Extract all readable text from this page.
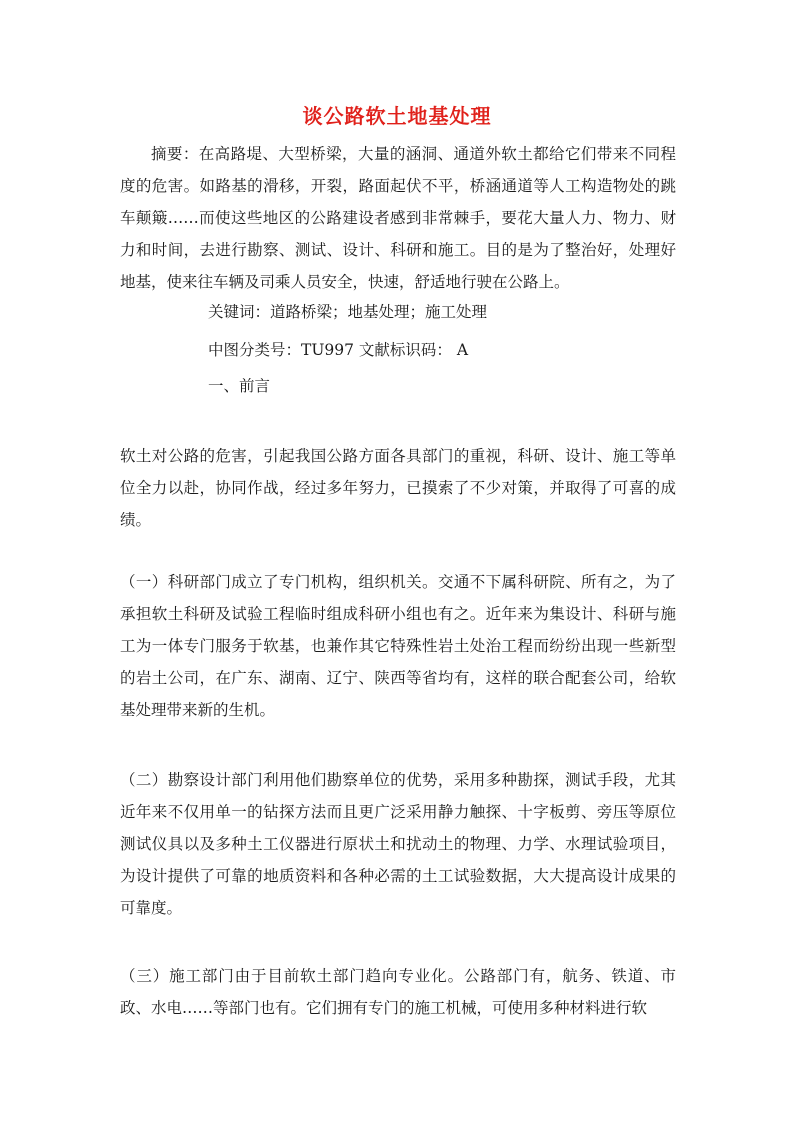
谈公路软土地基处理

摘要：在高路堤、大型桥梁，大量的涵洞、通道外软土都给它们带来不同程度的危害。如路基的滑移，开裂，路面起伏不平，桥涵通道等人工构造物处的跳车颠簸……而使这些地区的公路建设者感到非常棘手，要花大量人力、物力、财力和时间，去进行勘察、测试、设计、科研和施工。目的是为了整治好，处理好地基，使来往车辆及司乘人员安全，快速，舒适地行驶在公路上。

关键词：道路桥梁；地基处理；施工处理

中图分类号：TU997 文献标识码： A

一、前言

软土对公路的危害，引起我国公路方面各具部门的重视，科研、设计、施工等单位全力以赴，协同作战，经过多年努力，已摸索了不少对策，并取得了可喜的成绩。

（一）科研部门成立了专门机构，组织机关。交通不下属科研院、所有之，为了承担软土科研及试验工程临时组成科研小组也有之。近年来为集设计、科研与施工为一体专门服务于软基，也兼作其它特殊性岩土处治工程而纷纷出现一些新型的岩土公司，在广东、湖南、辽宁、陕西等省均有，这样的联合配套公司，给软基处理带来新的生机。

（二）勘察设计部门利用他们勘察单位的优势，采用多种勘探，测试手段，尤其近年来不仅用单一的钻探方法而且更广泛采用静力触探、十字板剪、旁压等原位测试仪具以及多种土工仪器进行原状土和扰动土的物理、力学、水理试验项目，为设计提供了可靠的地质资料和各种必需的土工试验数据，大大提高设计成果的可靠度。

（三）施工部门由于目前软土部门趋向专业化。公路部门有，航务、铁道、市政、水电……等部门也有。它们拥有专门的施工机械，可使用多种材料进行软
